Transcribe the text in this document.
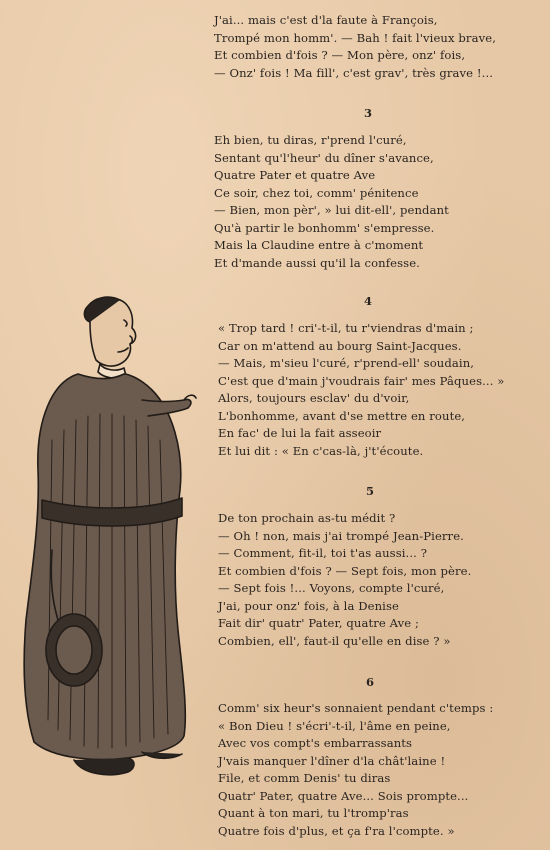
J'ai... mais c'est d'la faute à François,
Trompé mon homm'. — Bah ! fait l'vieux brave,
Et combien d'fois ? — Mon père, onz' fois,
— Onz' fois ! Ma fill', c'est grav', très grave !...
3
Eh bien, tu diras, r'prend l'curé,
Sentant qu'l'heur' du dîner s'avance,
Quatre Pater et quatre Ave
Ce soir, chez toi, comm' pénitence
— Bien, mon pèr', » lui dit-ell', pendant
Qu'à partir le bonhomm' s'empresse.
Mais la Claudine entre à c'moment
Et d'mande aussi qu'il la confesse.
4
« Trop tard ! cri'-t-il, tu r'viendras d'main ;
Car on m'attend au bourg Saint-Jacques.
— Mais, m'sieu l'curé, r'prend-ell' soudain,
C'est que d'main j'voudrais fair' mes Pâques... »
Alors, toujours esclav' du d'voir,
L'bonhomme, avant d'se mettre en route,
En fac' de lui la fait asseoir
Et lui dit : « En c'cas-là, j't'écoute.
5
De ton prochain as-tu médit ?
— Oh ! non, mais j'ai trompé Jean-Pierre.
— Comment, fit-il, toi t'as aussi... ?
Et combien d'fois ? — Sept fois, mon père.
— Sept fois !... Voyons, compte l'curé,
J'ai, pour onz' fois, à la Denise
Fait dir' quatr' Pater, quatre Ave ;
Combien, ell', faut-il qu'elle en dise ? »
6
Comm' six heur's sonnaient pendant c'temps :
« Bon Dieu ! s'écri'-t-il, l'âme en peine,
Avec vos compt's embarrassants
J'vais manquer l'dîner d'la chât'laine !
File, et comm Denis' tu diras
Quatr' Pater, quatre Ave... Sois prompte...
Quant à ton mari, tu l'tromp'ras
Quatre fois d'plus, et ça f'ra l'compte. »
